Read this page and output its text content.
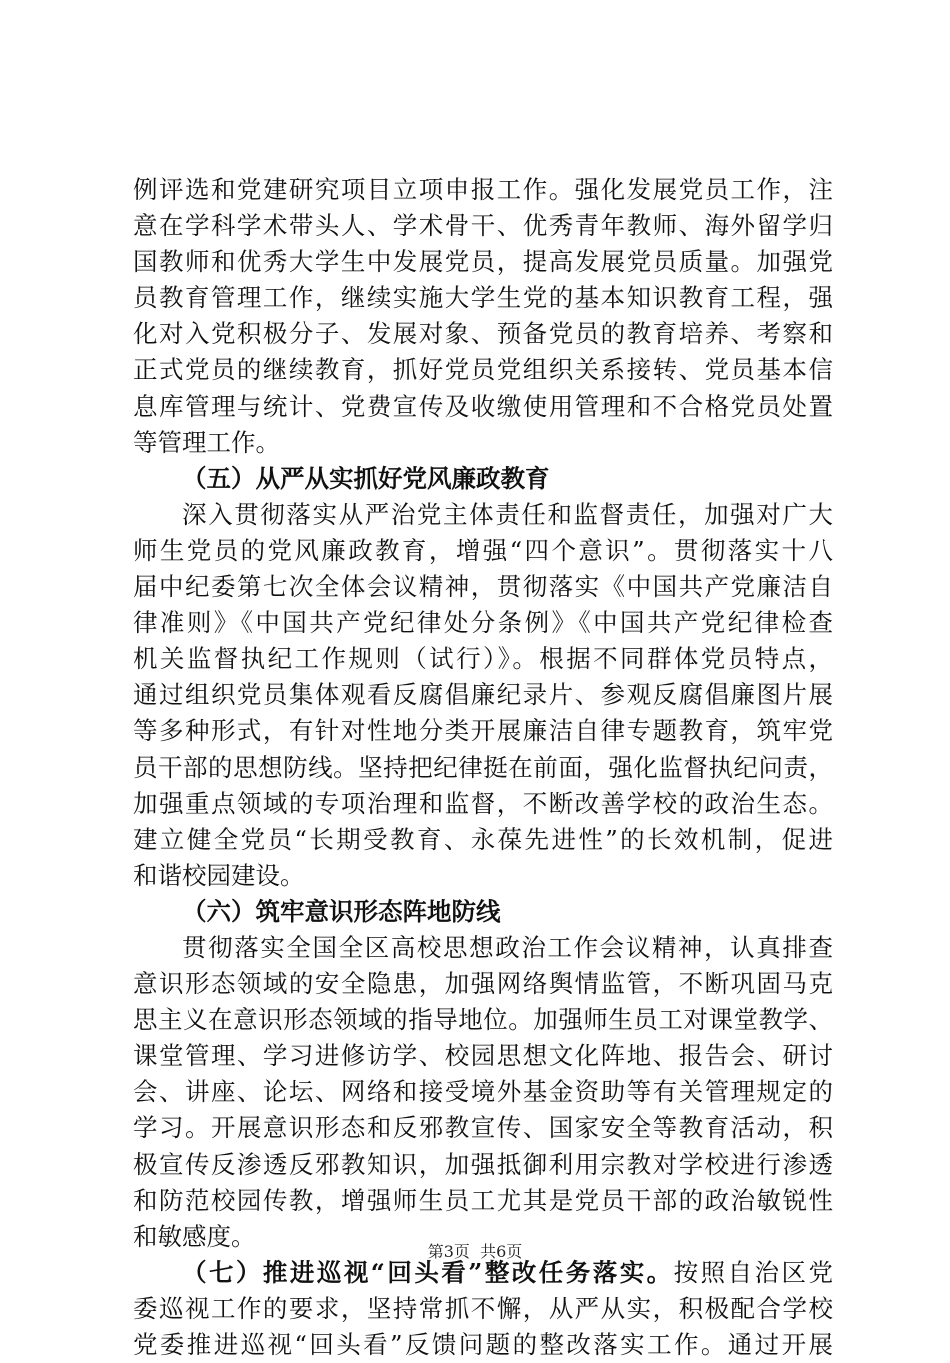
例评选和党建研究项目立项申报工作。强化发展党员工作，注
意在学科学术带头人、学术骨干、优秀青年教师、海外留学归
国教师和优秀大学生中发展党员，提高发展党员质量。加强党
员教育管理工作，继续实施大学生党的基本知识教育工程，强
化对入党积极分子、发展对象、预备党员的教育培养、考察和
正式党员的继续教育，抓好党员党组织关系接转、党员基本信
息库管理与统计、党费宣传及收缴使用管理和不合格党员处置
等管理工作。
（五）从严从实抓好党风廉政教育
深入贯彻落实从严治党主体责任和监督责任，加强对广大
师生党员的党风廉政教育，增强“四个意识”。贯彻落实十八
届中纪委第七次全体会议精神，贯彻落实《中国共产党廉洁自
律准则》《中国共产党纪律处分条例》《中国共产党纪律检查
机关监督执纪工作规则（试行）》。根据不同群体党员特点，
通过组织党员集体观看反腐倡廉纪录片、参观反腐倡廉图片展
等多种形式，有针对性地分类开展廉洁自律专题教育，筑牢党
员干部的思想防线。坚持把纪律挺在前面，强化监督执纪问责，
加强重点领域的专项治理和监督，不断改善学校的政治生态。
建立健全党员“长期受教育、永葆先进性”的长效机制，促进
和谐校园建设。
（六）筑牢意识形态阵地防线
贯彻落实全国全区高校思想政治工作会议精神，认真排查
意识形态领域的安全隐患，加强网络舆情监管，不断巩固马克
思主义在意识形态领域的指导地位。加强师生员工对课堂教学、
课堂管理、学习进修访学、校园思想文化阵地、报告会、研讨
会、讲座、论坛、网络和接受境外基金资助等有关管理规定的
学习。开展意识形态和反邪教宣传、国家安全等教育活动，积
极宣传反渗透反邪教知识，加强抵御利用宗教对学校进行渗透
和防范校园传教，增强师生员工尤其是党员干部的政治敏锐性
和敏感度。
（七）推进巡视“回头看”整改任务落实。按照自治区党
委巡视工作的要求，坚持常抓不懈，从严从实，积极配合学校
党委推进巡视“回头看”反馈问题的整改落实工作。通过开展
第3页  共6页
